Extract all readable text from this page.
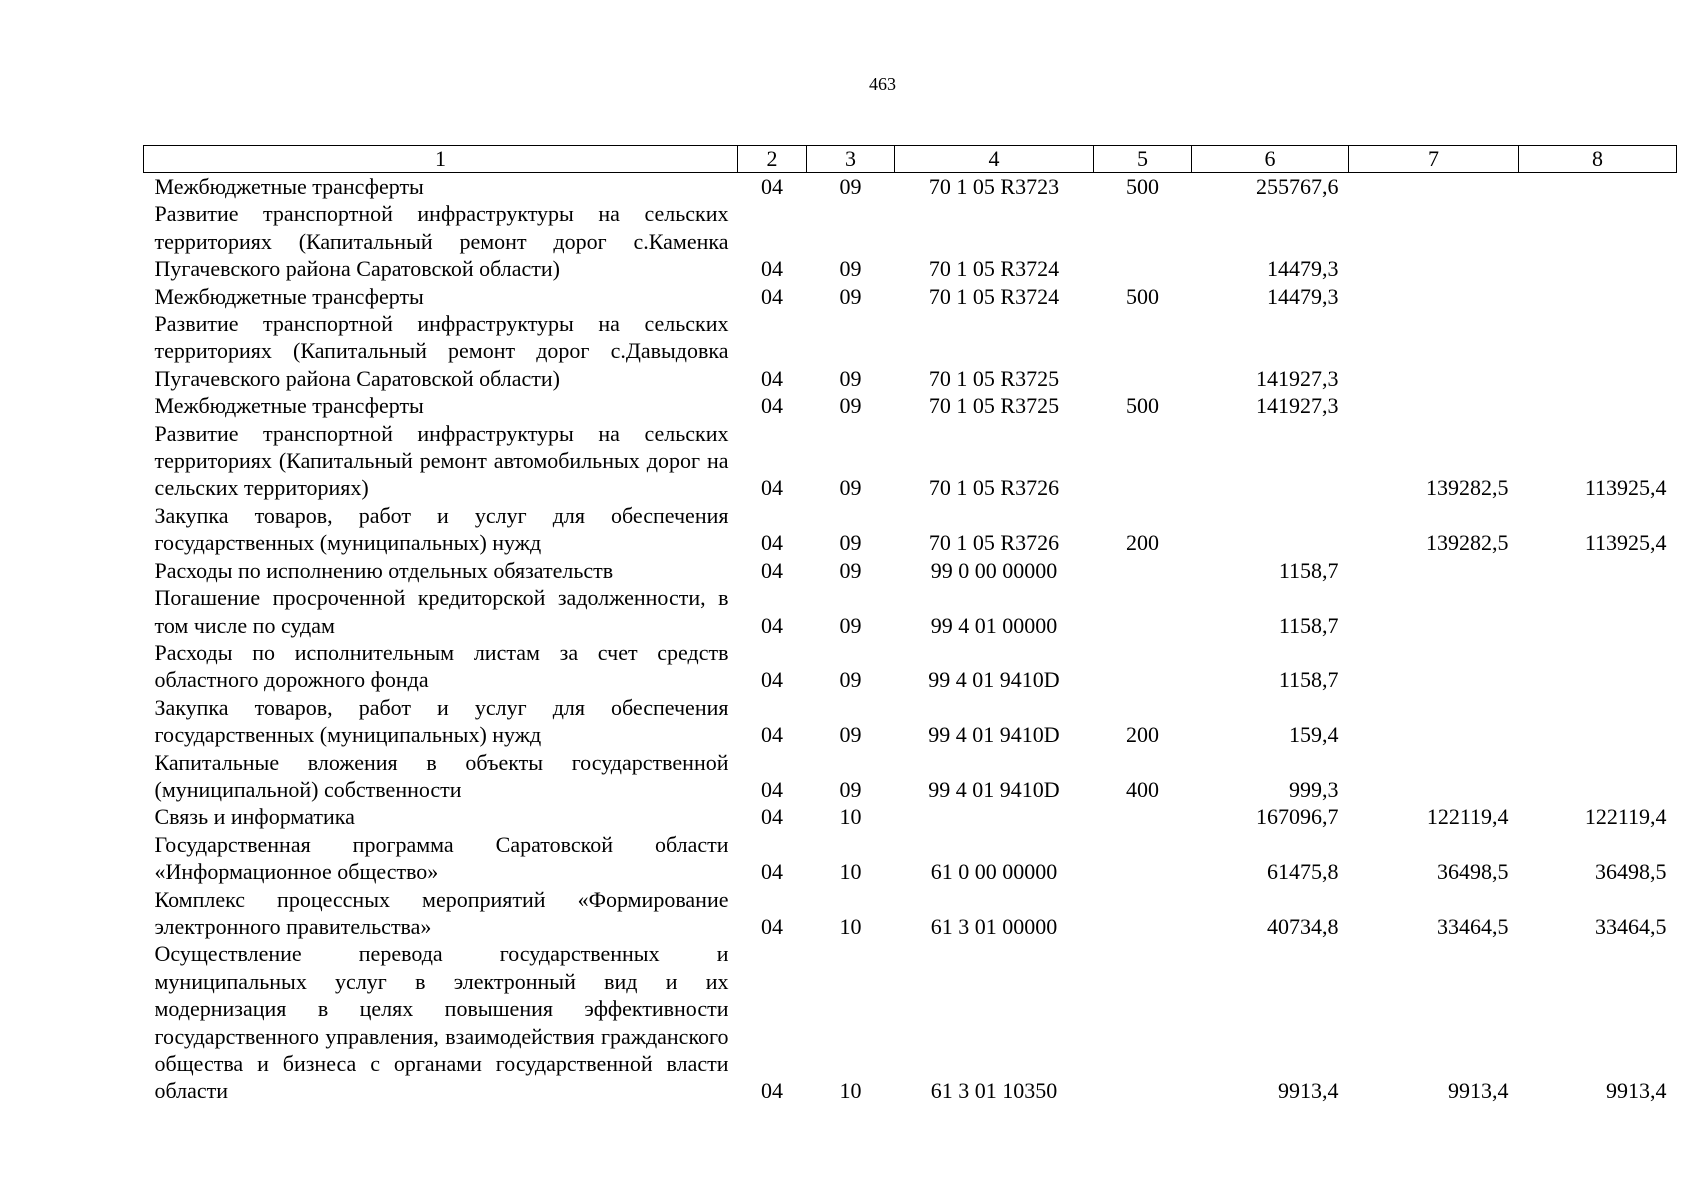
463
1	2	3	4	5	6	7	8
Межбюджетные трансферты	04	09	70 1 05 R3723	500	255767,6		
Развитие транспортной инфраструктуры на сельских территориях (Капитальный ремонт дорог с.Каменка Пугачевского района Саратовской области)	04	09	70 1 05 R3724		14479,3		
Межбюджетные трансферты	04	09	70 1 05 R3724	500	14479,3		
Развитие транспортной инфраструктуры на сельских территориях (Капитальный ремонт дорог с.Давыдовка Пугачевского района Саратовской области)	04	09	70 1 05 R3725		141927,3		
Межбюджетные трансферты	04	09	70 1 05 R3725	500	141927,3		
Развитие транспортной инфраструктуры на сельских территориях (Капитальный ремонт автомобильных дорог на сельских территориях)	04	09	70 1 05 R3726			139282,5	113925,4
Закупка товаров, работ и услуг для обеспечения государственных (муниципальных) нужд	04	09	70 1 05 R3726	200		139282,5	113925,4
Расходы по исполнению отдельных обязательств	04	09	99 0 00 00000		1158,7		
Погашение просроченной кредиторской задолженности, в том числе по судам	04	09	99 4 01 00000		1158,7		
Расходы по исполнительным листам за счет средств областного дорожного фонда	04	09	99 4 01 9410D		1158,7		
Закупка товаров, работ и услуг для обеспечения государственных (муниципальных) нужд	04	09	99 4 01 9410D	200	159,4		
Капитальные вложения в объекты государственной (муниципальной) собственности	04	09	99 4 01 9410D	400	999,3		
Связь и информатика	04	10			167096,7	122119,4	122119,4
Государственная программа Саратовской области «Информационное общество»	04	10	61 0 00 00000		61475,8	36498,5	36498,5
Комплекс процессных мероприятий «Формирование электронного правительства»	04	10	61 3 01 00000		40734,8	33464,5	33464,5
Осуществление перевода государственных и муниципальных услуг в электронный вид и их модернизация в целях повышения эффективности государственного управления, взаимодействия гражданского общества и бизнеса с органами государственной власти области	04	10	61 3 01 10350		9913,4	9913,4	9913,4
